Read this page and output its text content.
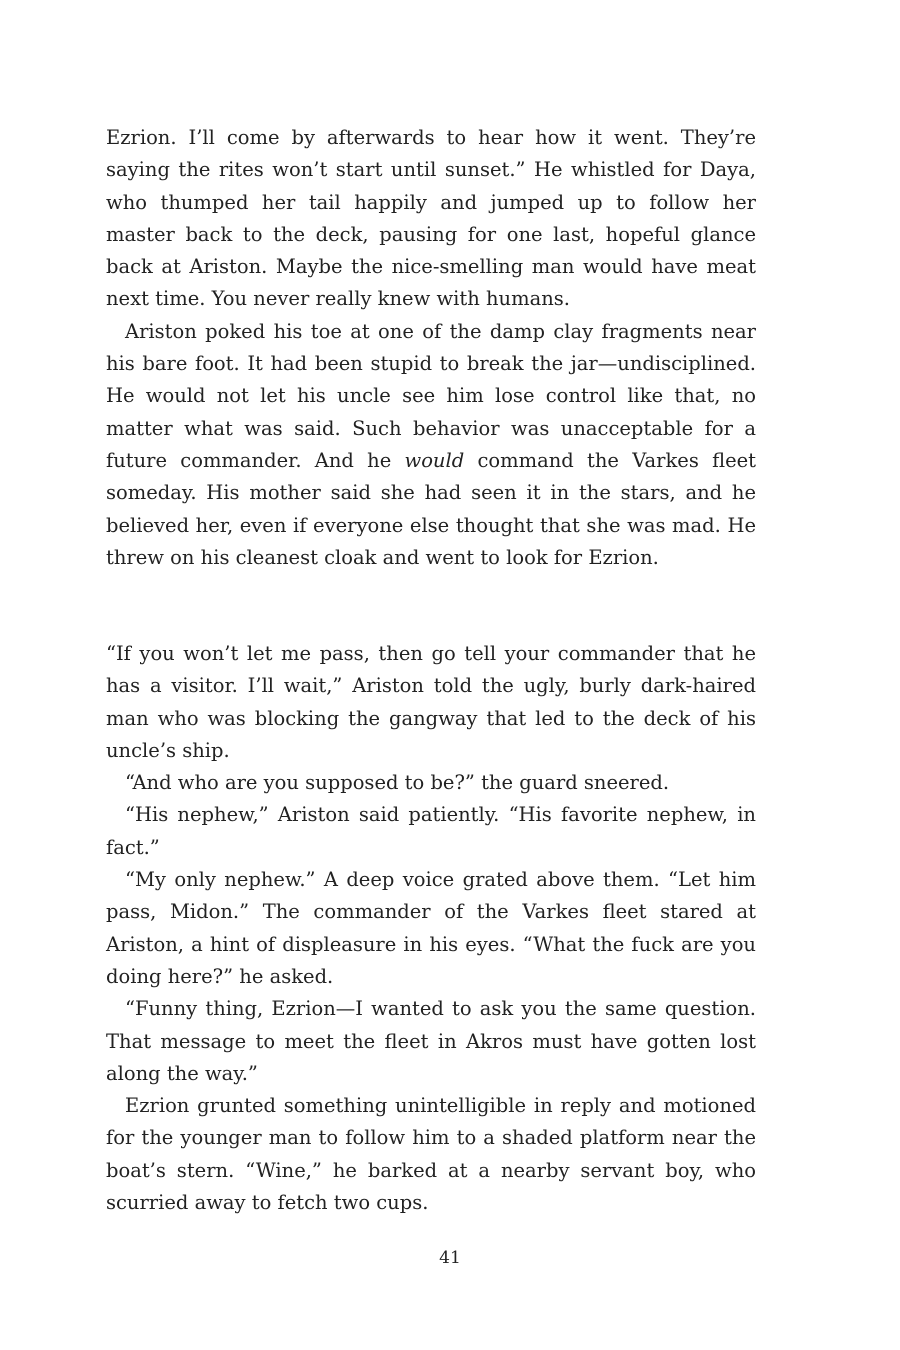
Ezrion. I’ll come by afterwards to hear how it went. They’re saying the rites won’t start until sunset.” He whistled for Daya, who thumped her tail happily and jumped up to follow her master back to the deck, pausing for one last, hopeful glance back at Ariston. Maybe the nice-smelling man would have meat next time. You never really knew with humans.

Ariston poked his toe at one of the damp clay fragments near his bare foot. It had been stupid to break the jar—undisciplined. He would not let his uncle see him lose control like that, no matter what was said. Such behavior was unacceptable for a future commander. And he would command the Varkes fleet someday. His mother said she had seen it in the stars, and he believed her, even if everyone else thought that she was mad. He threw on his cleanest cloak and went to look for Ezrion.

“If you won’t let me pass, then go tell your commander that he has a visitor. I’ll wait,” Ariston told the ugly, burly dark-haired man who was blocking the gangway that led to the deck of his uncle’s ship.

“And who are you supposed to be?” the guard sneered.

“His nephew,” Ariston said patiently. “His favorite nephew, in fact.”

“My only nephew.” A deep voice grated above them. “Let him pass, Midon.” The commander of the Varkes fleet stared at Ariston, a hint of displeasure in his eyes. “What the fuck are you doing here?” he asked.

“Funny thing, Ezrion—I wanted to ask you the same question. That message to meet the fleet in Akros must have gotten lost along the way.”

Ezrion grunted something unintelligible in reply and motioned for the younger man to follow him to a shaded platform near the boat’s stern. “Wine,” he barked at a nearby servant boy, who scurried away to fetch two cups.

41
